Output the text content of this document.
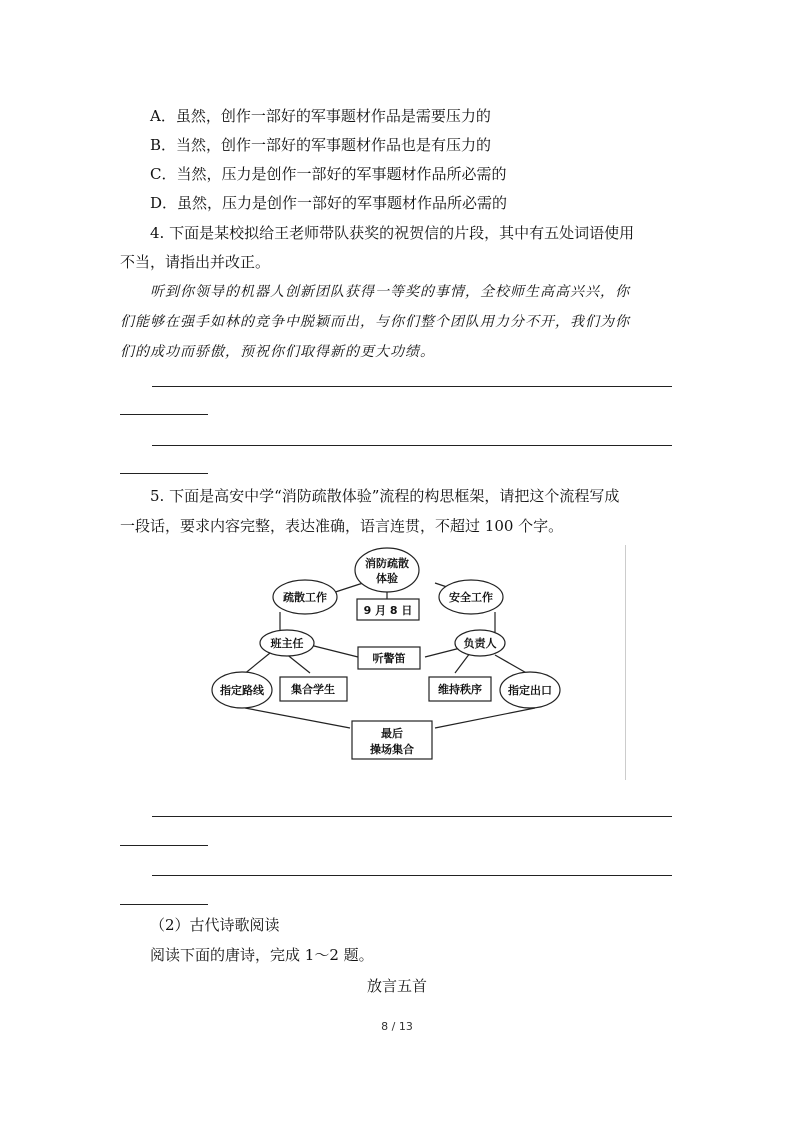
A．虽然，创作一部好的军事题材作品是需要压力的
B．当然，创作一部好的军事题材作品也是有压力的
C．当然，压力是创作一部好的军事题材作品所必需的
D．虽然，压力是创作一部好的军事题材作品所必需的
4. 下面是某校拟给王老师带队获奖的祝贺信的片段，其中有五处词语使用
不当，请指出并改正。
听到你领导的机器人创新团队获得一等奖的事情，全校师生高高兴兴，你
们能够在强手如林的竞争中脱颖而出，与你们整个团队用力分不开，我们为你
们的成功而骄傲，预祝你们取得新的更大功绩。
5. 下面是高安中学“消防疏散体验”流程的构思框架，请把这个流程写成
一段话，要求内容完整，表达准确，语言连贯，不超过 100 个字。
消防疏散
体验
9 月 8 日
疏散工作	安全工作
班主任	负责人
听警笛
指定路线 集合学生	维持秩序 指定出口
最后
操场集合
（2）古代诗歌阅读
阅读下面的唐诗，完成 1～2 题。
放言五首
8 / 13
